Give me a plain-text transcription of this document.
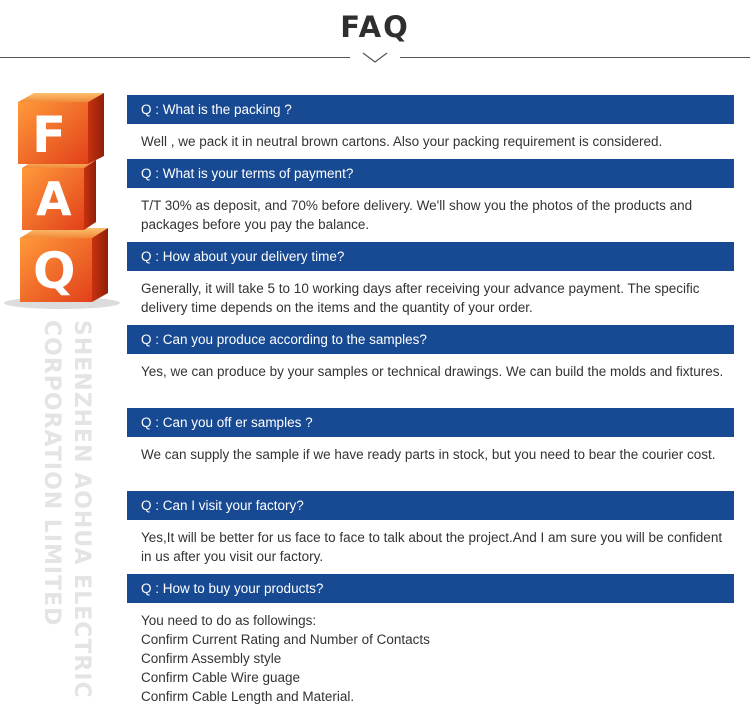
FAQ
F
A
Q
SHENZHEN AOHUA ELECTRIC
CORPORATION LIMITED
Q : What is the packing ?
Well , we pack it in neutral brown cartons. Also your packing requirement is considered.
Q : What is your terms of payment?
T/T 30% as deposit, and 70% before delivery. We'll show you the photos of the products and packages before you pay the balance.
Q : How about your delivery time?
Generally, it will take 5 to 10 working days after receiving your advance payment. The specific delivery time depends on the items and the quantity of your order.
Q : Can you produce according to the samples?
Yes, we can produce by your samples or technical drawings. We can build the molds and fixtures.
Q : Can you off er samples ?
We can supply the sample if we have ready parts in stock, but you need to bear the courier cost.
Q : Can I visit your factory?
Yes,It will be better for us face to face to talk about the project.And I am sure you will be confident in us after you visit our factory.
Q : How to buy your products?
You need to do as followings:
Confirm Current Rating and Number of Contacts
Confirm Assembly style
Confirm Cable Wire guage
Confirm Cable Length and Material.
